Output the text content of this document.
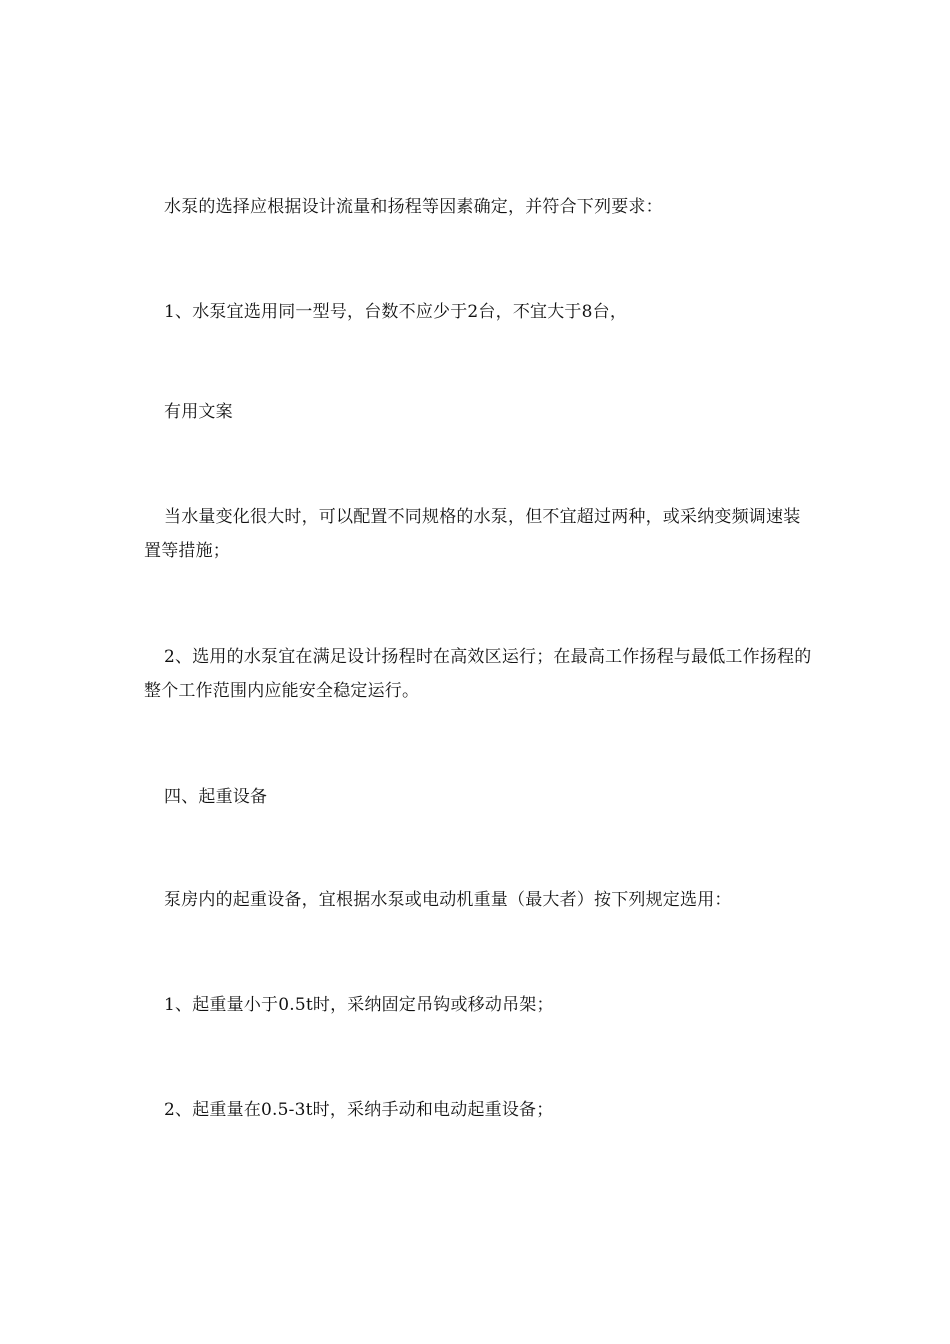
水泵的选择应根据设计流量和扬程等因素确定，并符合下列要求：

1、水泵宜选用同一型号，台数不应少于2台，不宜大于8台，

有用文案

当水量变化很大时，可以配置不同规格的水泵，但不宜超过两种，或采纳变频调速装置等措施；

2、选用的水泵宜在满足设计扬程时在高效区运行；在最高工作扬程与最低工作扬程的整个工作范围内应能安全稳定运行。

四、起重设备

泵房内的起重设备，宜根据水泵或电动机重量（最大者）按下列规定选用：

1、起重量小于0.5t时，采纳固定吊钩或移动吊架；

2、起重量在0.5-3t时，采纳手动和电动起重设备；
